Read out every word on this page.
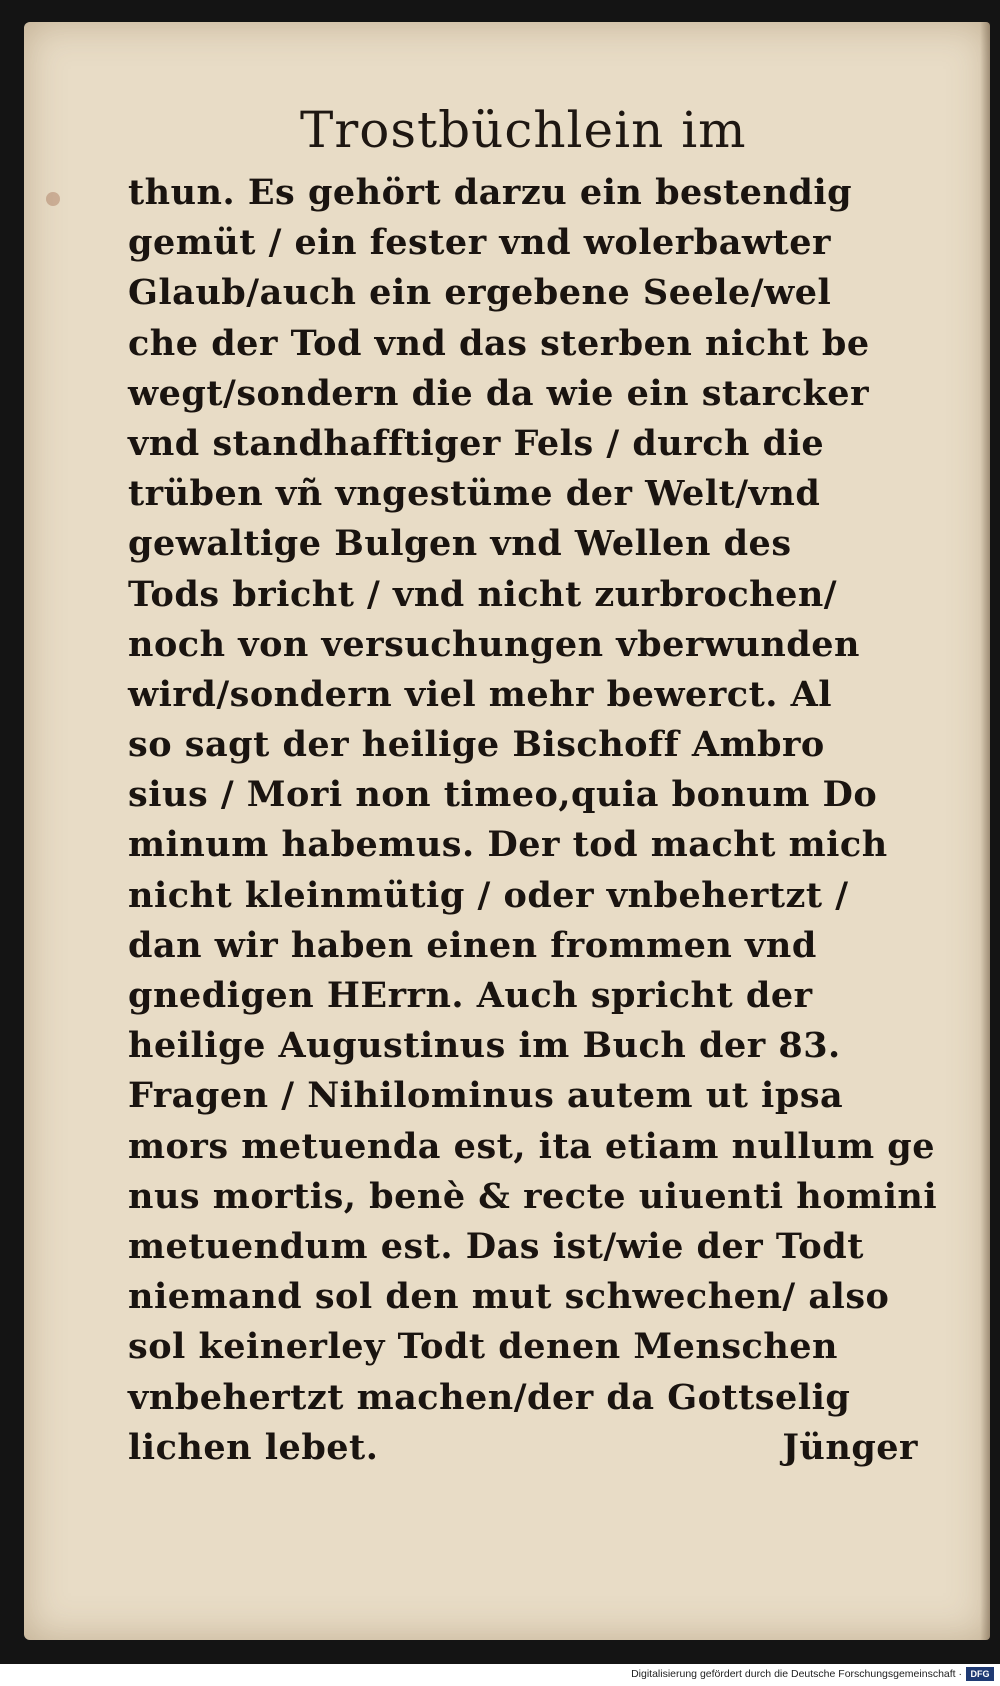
Trostbüchlein im
thun. Es gehört darzu ein bestendig
gemüt / ein fester vnd wolerbawter
Glaub/auch ein ergebene Seele/wel
che der Tod vnd das sterben nicht be
wegt/sondern die da wie ein starcker
vnd standhafftiger Fels / durch die
trüben vñ vngestüme der Welt/vnd
gewaltige Bulgen vnd Wellen des
Tods bricht / vnd nicht zurbrochen/
noch von versuchungen vberwunden
wird/sondern viel mehr bewerct. Al
so sagt der heilige Bischoff Ambro
sius / Mori non timeo,quia bonum Do
minum habemus. Der tod macht mich
nicht kleinmütig / oder vnbehertzt /
dan wir haben einen frommen vnd
gnedigen HErrn. Auch spricht der
heilige Augustinus im Buch der 83.
Fragen / Nihilominus autem ut ipsa
mors metuenda est, ita etiam nullum ge
nus mortis, benè & recte uiuenti homini
metuendum est. Das ist/wie der Todt
niemand sol den mut schwechen/ also
sol keinerley Todt denen Menschen
vnbehertzt machen/der da Gottselig
lichen lebet.	Jünger
Digitalisierung gefördert durch die Deutsche Forschungsgemeinschaft · DFG
